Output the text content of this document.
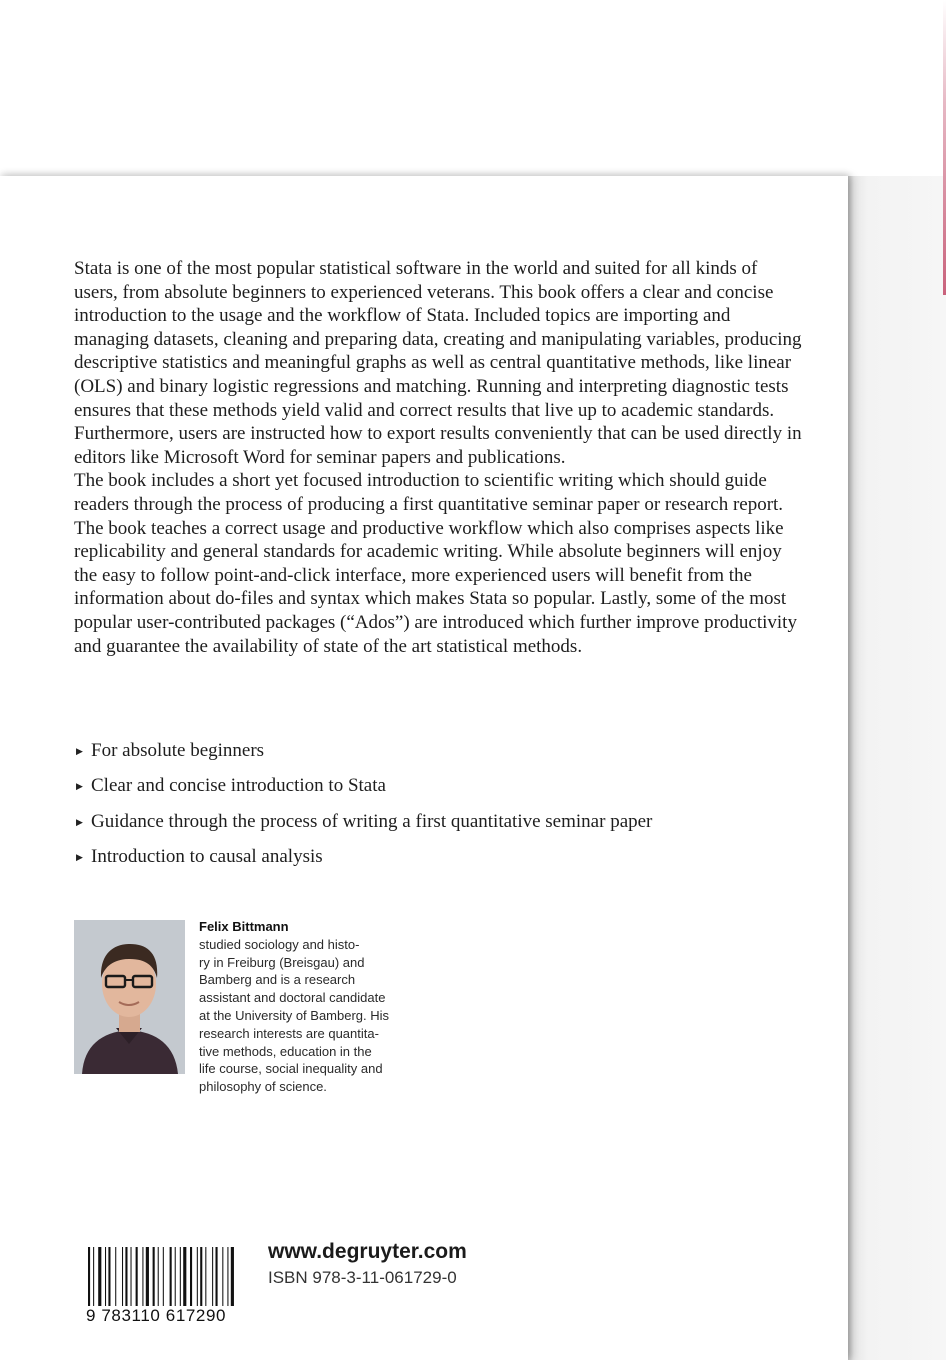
Stata is one of the most popular statistical software in the world and suited for all kinds of users, from absolute beginners to experienced veterans. This book offers a clear and concise introduction to the usage and the workflow of Stata. Included topics are importing and managing datasets, cleaning and preparing data, creating and manipulating variables, producing descriptive statistics and meaningful graphs as well as central quantitative methods, like linear (OLS) and binary logistic regressions and matching. Running and interpreting diagnostic tests ensures that these methods yield valid and correct results that live up to academic standards.

Furthermore, users are instructed how to export results conveniently that can be used directly in editors like Microsoft Word for seminar papers and publications.

The book includes a short yet focused introduction to scientific writing which should guide readers through the process of producing a first quantitative seminar paper or research report. The book teaches a correct usage and productive workflow which also comprises aspects like replicability and general standards for academic writing. While absolute beginners will enjoy the easy to follow point-and-click interface, more experienced users will benefit from the information about do-files and syntax which makes Stata so popular. Lastly, some of the most popular user-contributed packages (“Ados”) are introduced which further improve productivity and guarantee the availability of state of the art statistical methods.

▶ For absolute beginners
▶ Clear and concise introduction to Stata
▶ Guidance through the process of writing a first quantitative seminar paper
▶ Introduction to causal analysis
Felix Bittmann
studied sociology and histo-
ry in Freiburg (Breisgau) and
Bamberg and is a research
assistant and doctoral candidate
at the University of Bamberg. His
research interests are quantita-
tive methods, education in the
life course, social inequality and
philosophy of science.
9 783110 617290
www.degruyter.com
ISBN 978-3-11-061729-0
